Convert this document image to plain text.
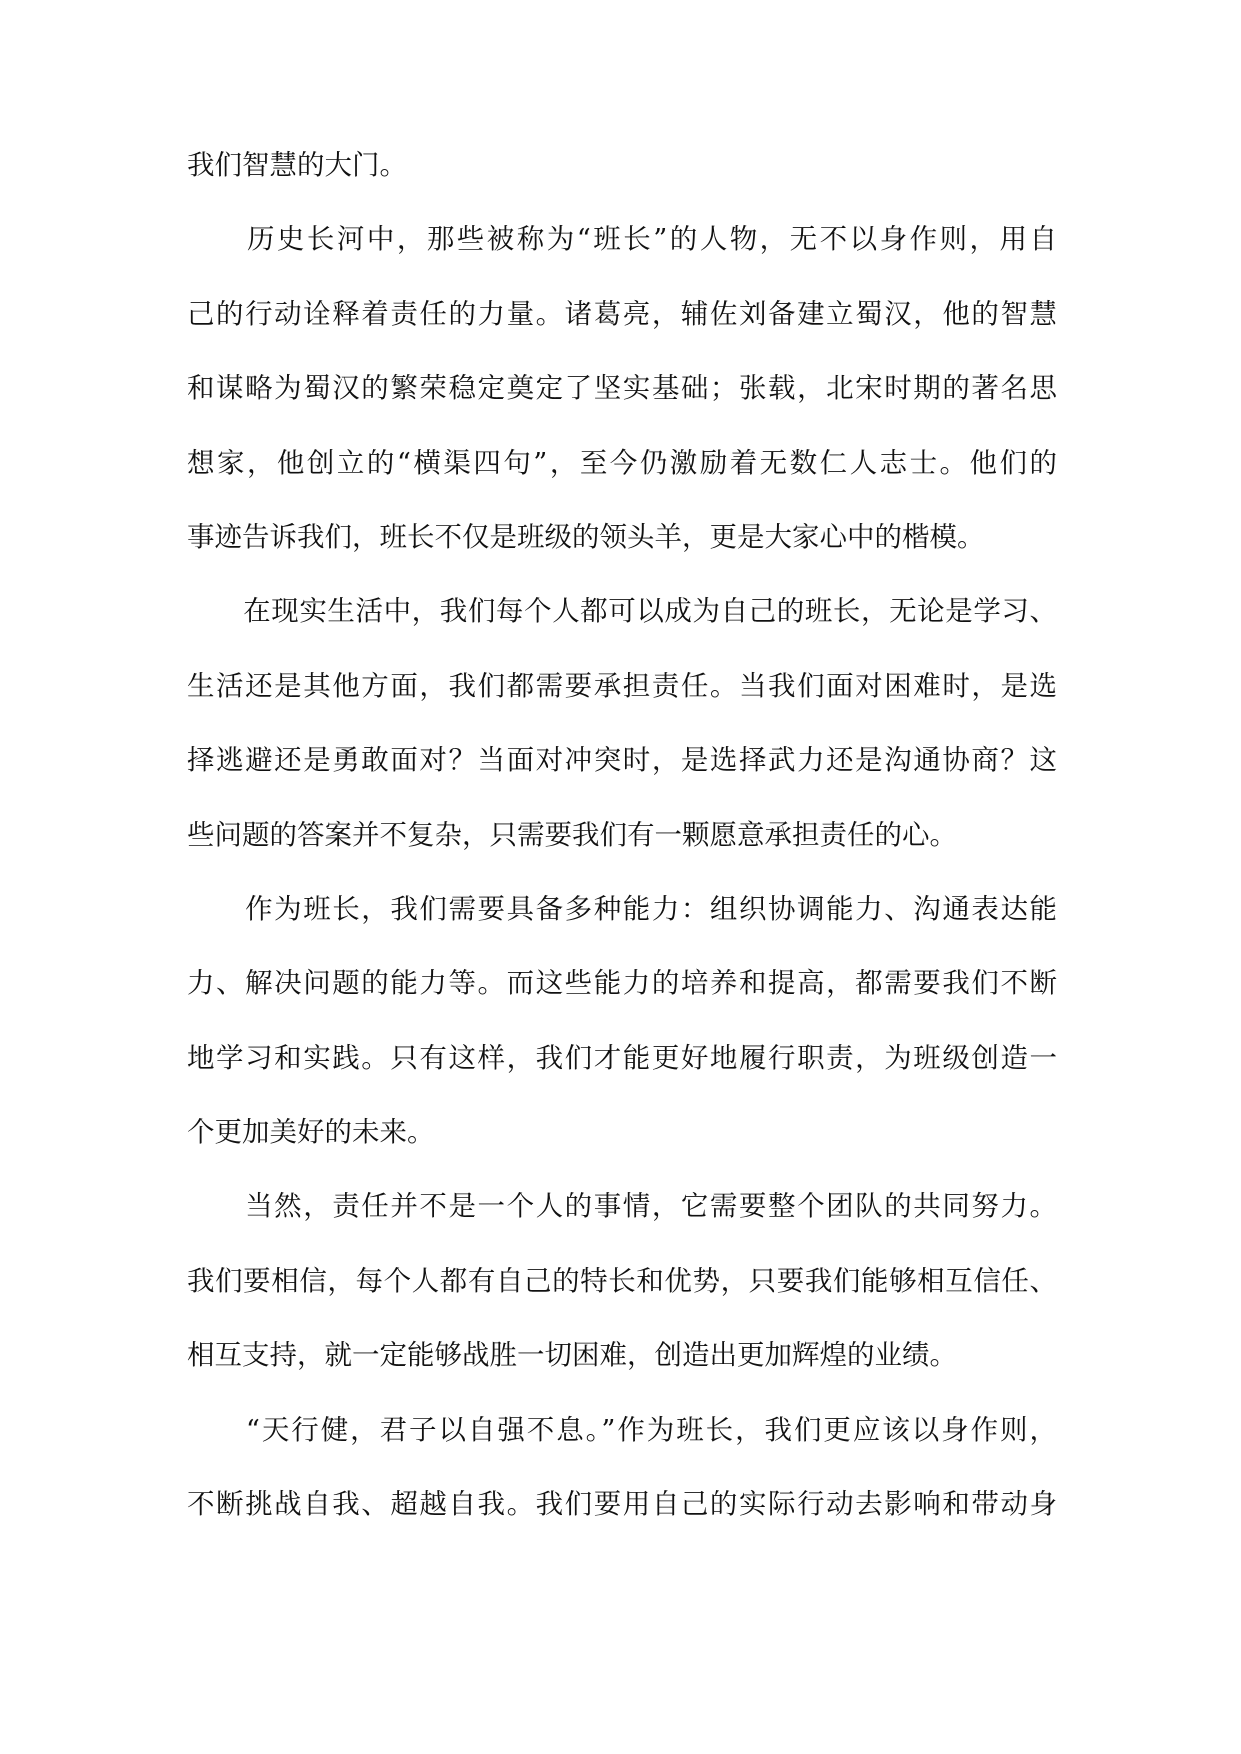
我们智慧的大门。
　　历史长河中，那些被称为“班长”的人物，无不以身作则，用自
己的行动诠释着责任的力量。诸葛亮，辅佐刘备建立蜀汉，他的智慧
和谋略为蜀汉的繁荣稳定奠定了坚实基础；张载，北宋时期的著名思
想家，他创立的“横渠四句”，至今仍激励着无数仁人志士。他们的
事迹告诉我们，班长不仅是班级的领头羊，更是大家心中的楷模。
　　在现实生活中，我们每个人都可以成为自己的班长，无论是学习、
生活还是其他方面，我们都需要承担责任。当我们面对困难时，是选
择逃避还是勇敢面对？当面对冲突时，是选择武力还是沟通协商？这
些问题的答案并不复杂，只需要我们有一颗愿意承担责任的心。
　　作为班长，我们需要具备多种能力：组织协调能力、沟通表达能
力、解决问题的能力等。而这些能力的培养和提高，都需要我们不断
地学习和实践。只有这样，我们才能更好地履行职责，为班级创造一
个更加美好的未来。
　　当然，责任并不是一个人的事情，它需要整个团队的共同努力。
我们要相信，每个人都有自己的特长和优势，只要我们能够相互信任、
相互支持，就一定能够战胜一切困难，创造出更加辉煌的业绩。
　　“天行健，君子以自强不息。”作为班长，我们更应该以身作则，
不断挑战自我、超越自我。我们要用自己的实际行动去影响和带动身
